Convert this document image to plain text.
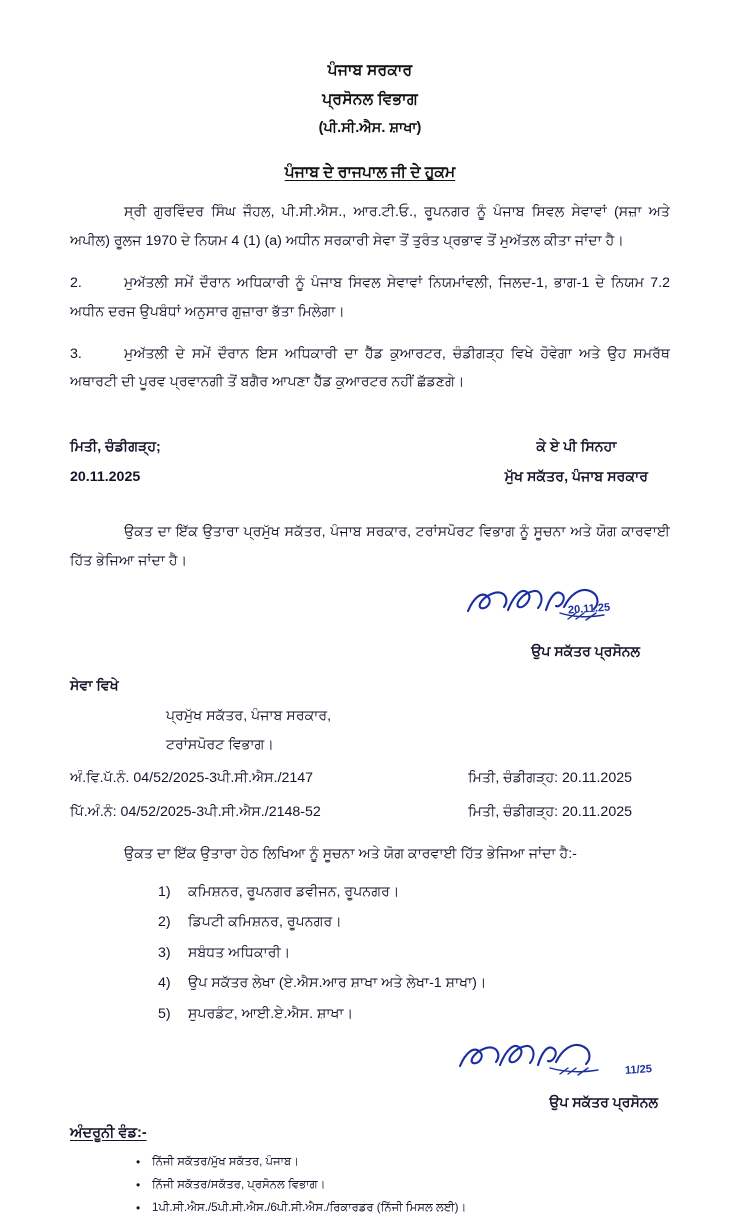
ਪੰਜਾਬ ਸਰਕਾਰ
ਪ੍ਰਸੋਨਲ ਵਿਭਾਗ
(ਪੀ.ਸੀ.ਐਸ. ਸ਼ਾਖਾ)
ਪੰਜਾਬ ਦੇ ਰਾਜਪਾਲ ਜੀ ਦੇ ਹੁਕਮ
ਸ੍ਰੀ ਗੁਰਵਿੰਦਰ ਸਿੰਘ ਜੌਹਲ, ਪੀ.ਸੀ.ਐਸ., ਆਰ.ਟੀ.ਓ., ਰੂਪਨਗਰ ਨੂੰ ਪੰਜਾਬ ਸਿਵਲ ਸੇਵਾਵਾਂ (ਸਜ਼ਾ ਅਤੇ ਅਪੀਲ) ਰੂਲਜ 1970 ਦੇ ਨਿਯਮ 4 (1) (a) ਅਧੀਨ ਸਰਕਾਰੀ ਸੇਵਾ ਤੋਂ ਤੁਰੰਤ ਪ੍ਰਭਾਵ ਤੋਂ ਮੁਅੱਤਲ ਕੀਤਾ ਜਾਂਦਾ ਹੈ।
2.	ਮੁਅੱਤਲੀ ਸਮੇਂ ਦੌਰਾਨ ਅਧਿਕਾਰੀ ਨੂੰ ਪੰਜਾਬ ਸਿਵਲ ਸੇਵਾਵਾਂ ਨਿਯਮਾਂਵਲੀ, ਜਿਲਦ-1, ਭਾਗ-1 ਦੇ ਨਿਯਮ 7.2 ਅਧੀਨ ਦਰਜ ਉਪਬੰਧਾਂ ਅਨੁਸਾਰ ਗੁਜ਼ਾਰਾ ਭੱਤਾ ਮਿਲੇਗਾ।
3.	ਮੁਅੱਤਲੀ ਦੇ ਸਮੇਂ ਦੌਰਾਨ ਇਸ ਅਧਿਕਾਰੀ ਦਾ ਹੈੱਡ ਕੁਆਰਟਰ, ਚੰਡੀਗੜ੍ਹ ਵਿਖੇ ਹੋਵੇਗਾ ਅਤੇ ਉਹ ਸਮਰੱਥ ਅਥਾਰਟੀ ਦੀ ਪੂਰਵ ਪ੍ਰਵਾਨਗੀ ਤੋਂ ਬਗੈਰ ਆਪਣਾ ਹੈੱਡ ਕੁਆਰਟਰ ਨਹੀਂ ਛੱਡਣਗੇ।
ਮਿਤੀ, ਚੰਡੀਗੜ੍ਹ;
20.11.2025
ਕੇ ਏ ਪੀ ਸਿਨਹਾ
ਮੁੱਖ ਸਕੱਤਰ, ਪੰਜਾਬ ਸਰਕਾਰ
ਉਕਤ ਦਾ ਇੱਕ ਉਤਾਰਾ ਪ੍ਰਮੁੱਖ ਸਕੱਤਰ, ਪੰਜਾਬ ਸਰਕਾਰ, ਟਰਾਂਸਪੋਰਟ ਵਿਭਾਗ ਨੂੰ ਸੂਚਨਾ ਅਤੇ ਯੋਗ ਕਾਰਵਾਈ ਹਿੱਤ ਭੇਜਿਆ ਜਾਂਦਾ ਹੈ।
20.11.25
ਉਪ ਸਕੱਤਰ ਪ੍ਰਸੋਨਲ
ਸੇਵਾ ਵਿਖੇ
ਪ੍ਰਮੁੱਖ ਸਕੱਤਰ, ਪੰਜਾਬ ਸਰਕਾਰ,
ਟਰਾਂਸਪੋਰਟ ਵਿਭਾਗ।
ਅੰ.ਵਿ.ਪੱ.ਨੰ. 04/52/2025-3ਪੀ.ਸੀ.ਐਸ./2147	ਮਿਤੀ, ਚੰਡੀਗੜ੍ਹ: 20.11.2025
ਪਿੱ.ਅੰ.ਨੰ: 04/52/2025-3ਪੀ.ਸੀ.ਐਸ./2148-52	ਮਿਤੀ, ਚੰਡੀਗੜ੍ਹ: 20.11.2025
ਉਕਤ ਦਾ ਇੱਕ ਉਤਾਰਾ ਹੇਠ ਲਿਖਿਆ ਨੂੰ ਸੂਚਨਾ ਅਤੇ ਯੋਗ ਕਾਰਵਾਈ ਹਿੱਤ ਭੇਜਿਆ ਜਾਂਦਾ ਹੈ:-
1) ਕਮਿਸ਼ਨਰ, ਰੂਪਨਗਰ ਡਵੀਜਨ, ਰੂਪਨਗਰ।
2) ਡਿਪਟੀ ਕਮਿਸ਼ਨਰ, ਰੂਪਨਗਰ।
3) ਸਬੰਧਤ ਅਧਿਕਾਰੀ।
4) ਉਪ ਸਕੱਤਰ ਲੇਖਾ (ਏ.ਐਸ.ਆਰ ਸ਼ਾਖਾ ਅਤੇ ਲੇਖਾ-1 ਸ਼ਾਖਾ)।
5) ਸੁਪਰਡੰਟ, ਆਈ.ਏ.ਐਸ. ਸ਼ਾਖਾ।
11/25
ਉਪ ਸਕੱਤਰ ਪ੍ਰਸੋਨਲ
ਅੰਦਰੂਨੀ ਵੰਡ:-
• ਨਿੱਜੀ ਸਕੱਤਰ/ਮੁੱਖ ਸਕੱਤਰ, ਪੰਜਾਬ।
• ਨਿੱਜੀ ਸਕੱਤਰ/ਸਕੱਤਰ, ਪ੍ਰਸੋਨਲ ਵਿਭਾਗ।
• 1ਪੀ.ਸੀ.ਐਸ./5ਪੀ.ਸੀ.ਐਸ./6ਪੀ.ਸੀ.ਐਸ./ਰਿਕਾਰਡਰ (ਨਿੱਜੀ ਮਿਸਲ ਲਈ)।
